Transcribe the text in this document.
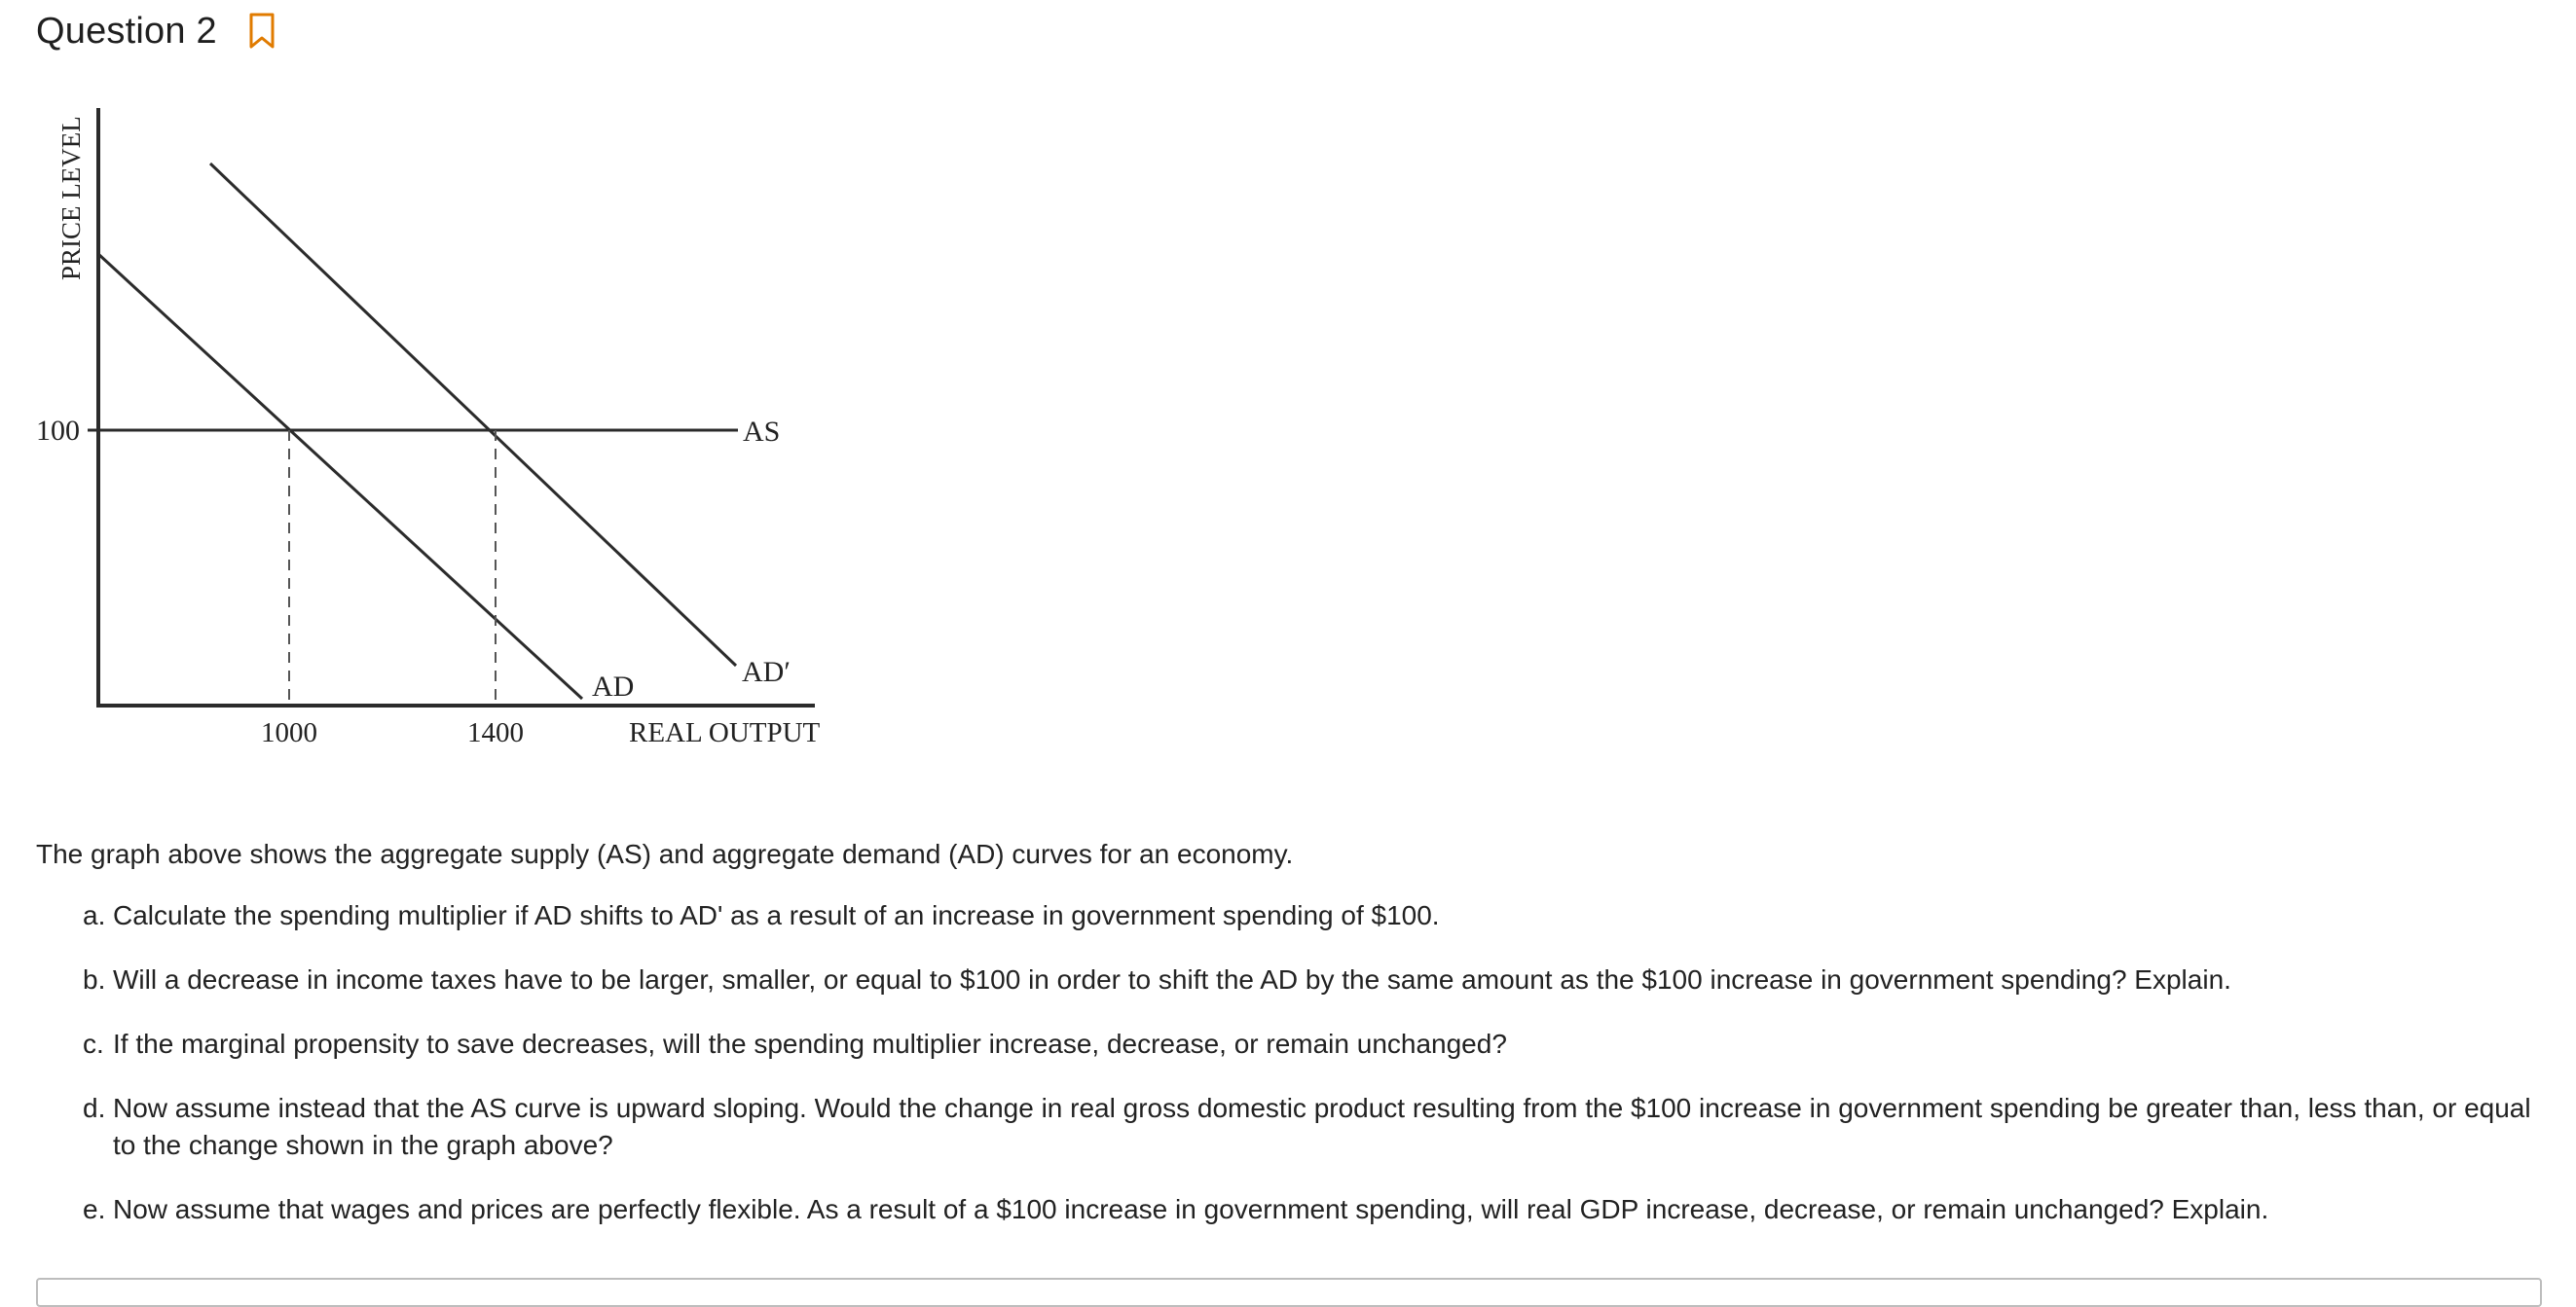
Question 2
PRICE LEVEL
100	AS
AD	AD′
1000	1400	REAL OUTPUT

The graph above shows the aggregate supply (AS) and aggregate demand (AD) curves for an economy.

a. Calculate the spending multiplier if AD shifts to AD' as a result of an increase in government spending of $100.
b. Will a decrease in income taxes have to be larger, smaller, or equal to $100 in order to shift the AD by the same amount as the $100 increase in government spending? Explain.
c. If the marginal propensity to save decreases, will the spending multiplier increase, decrease, or remain unchanged?
d. Now assume instead that the AS curve is upward sloping. Would the change in real gross domestic product resulting from the $100 increase in government spending be greater than, less than, or equal to the change shown in the graph above?
e. Now assume that wages and prices are perfectly flexible. As a result of a $100 increase in government spending, will real GDP increase, decrease, or remain unchanged? Explain.
